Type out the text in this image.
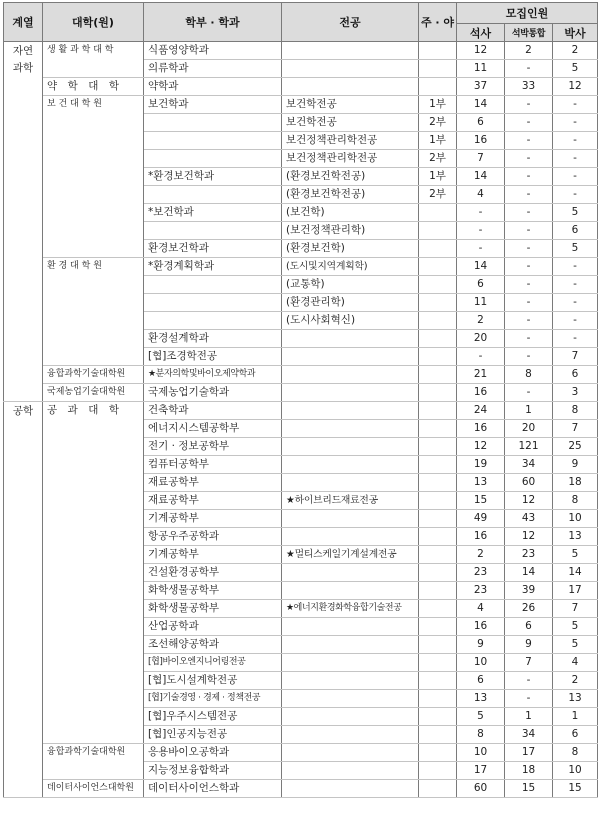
계열	대학(원)	학부 · 학과	전공	주 · 야	모집인원		
					석사	석박통합	박사
자연
과학	생 활 과 학 대 학	식품영양학과			12	2	2
		의류학과			11	-	5
	약　학　대　학	약학과			37	33	12
	보 건 대 학 원	보건학과	보건학전공	1부	14	-	-
			보건학전공	2부	6	-	-
			보건정책관리학전공	1부	16	-	-
			보건정책관리학전공	2부	7	-	-
		*환경보건학과	(환경보건학전공)	1부	14	-	-
			(환경보건학전공)	2부	4	-	-
		*보건학과	(보건학)		-	-	5
			(보건정책관리학)		-	-	6
		환경보건학과	(환경보건학)		-	-	5
	환 경 대 학 원	*환경계획학과	(도시및지역계획학)		14	-	-
			(교통학)		6	-	-
			(환경관리학)		11	-	-
			(도시사회혁신)		2	-	-
		환경설계학과			20	-	-
		[협]조경학전공			-	-	7
	융합과학기술대학원	★분자의학및바이오제약학과			21	8	6
	국제농업기술대학원	국제농업기술학과			16	-	3
공학	공　과　대　학	건축학과			24	1	8
		에너지시스템공학부			16	20	7
		전기 · 정보공학부			12	121	25
		컴퓨터공학부			19	34	9
		재료공학부			13	60	18
		재료공학부	★하이브리드재료전공		15	12	8
		기계공학부			49	43	10
		항공우주공학과			16	12	13
		기계공학부	★멀티스케일기계설계전공		2	23	5
		건설환경공학부			23	14	14
		화학생물공학부			23	39	17
		화학생물공학부	★에너지환경화학융합기술전공		4	26	7
		산업공학과			16	6	5
		조선해양공학과			9	9	5
		[협]바이오엔지니어링전공			10	7	4
		[협]도시설계학전공			6	-	2
		[협]기술경영 · 경제 · 정책전공			13	-	13
		[협]우주시스템전공			5	1	1
		[협]인공지능전공			8	34	6
	융합과학기술대학원	응용바이오공학과			10	17	8
		지능정보융합학과			17	18	10
	데이터사이언스대학원	데이터사이언스학과			60	15	15
